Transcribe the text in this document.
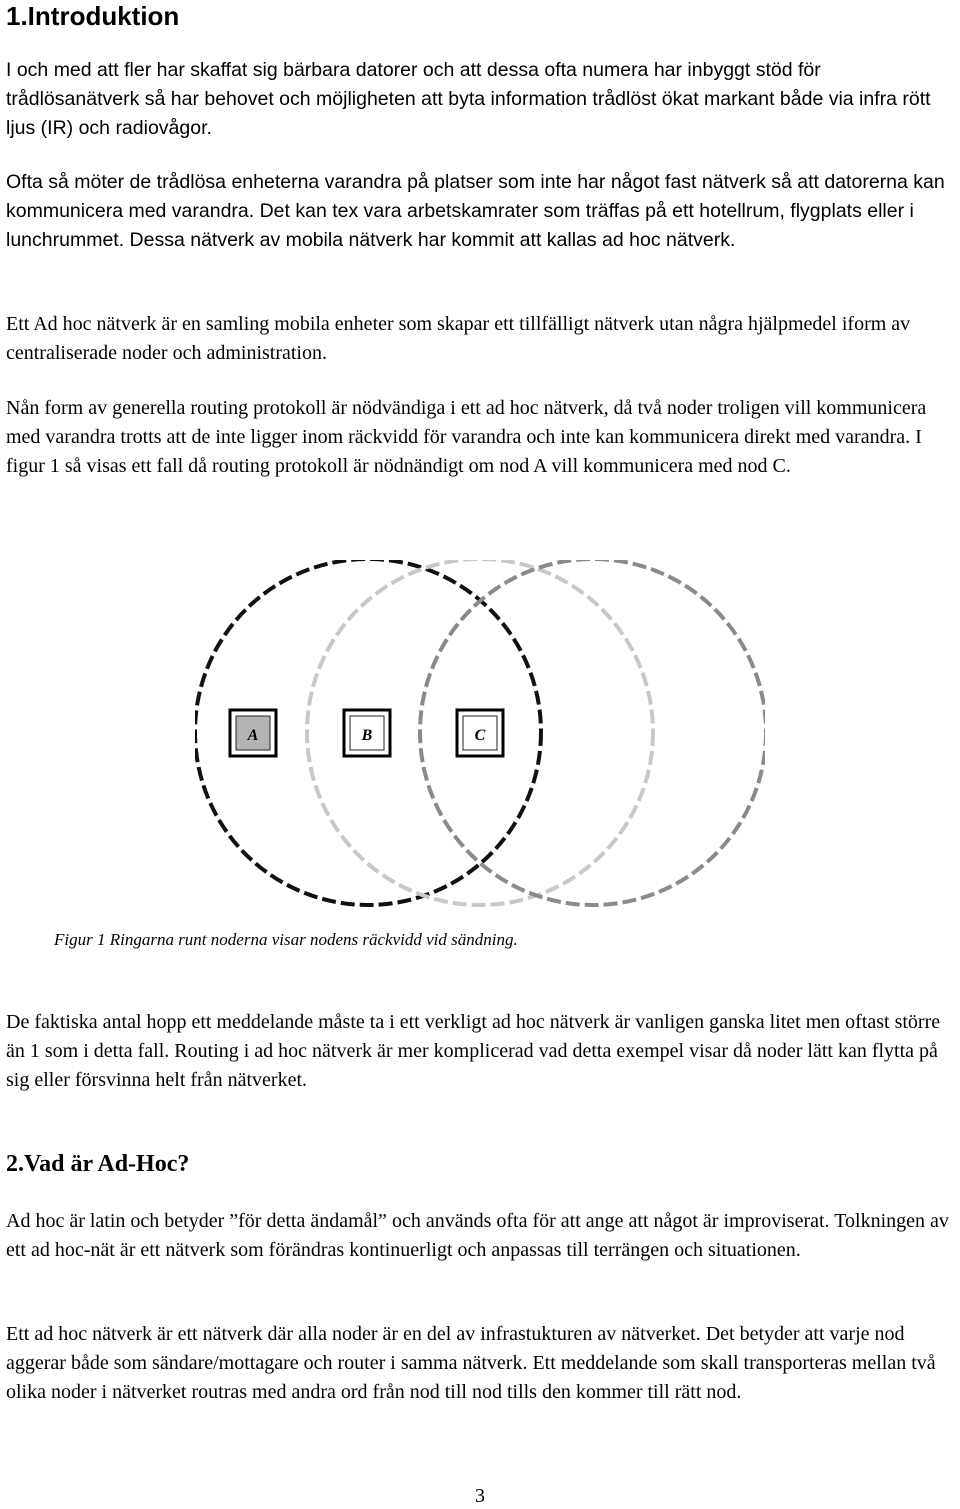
1.Introduktion

I och med att fler har skaffat sig bärbara datorer och att dessa ofta numera har inbyggt stöd för trådlösanätverk så har behovet och möjligheten att byta information trådlöst ökat markant både via infra rött ljus (IR) och radiovågor.

Ofta så möter de trådlösa enheterna varandra på platser som inte har något fast nätverk så att datorerna kan kommunicera med varandra. Det kan tex vara arbetskamrater som träffas på ett hotellrum, flygplats eller i lunchrummet. Dessa nätverk av mobila nätverk har kommit att kallas ad hoc nätverk.

Ett Ad hoc nätverk är en samling mobila enheter som skapar ett tillfälligt nätverk utan några hjälpmedel iform av centraliserade noder och administration.

Nån form av generella routing protokoll är nödvändiga i ett ad hoc nätverk, då två noder troligen vill kommunicera med varandra trotts att de inte ligger inom räckvidd för varandra och inte kan kommunicera direkt med varandra. I figur 1 så visas ett fall då routing protokoll är nödnändigt om nod A vill kommunicera med nod C.

A	B	C

Figur 1 Ringarna runt noderna visar nodens räckvidd vid sändning.

De faktiska antal hopp ett meddelande måste ta i ett verkligt ad hoc nätverk är vanligen ganska litet men oftast större än 1 som i detta fall. Routing i ad hoc nätverk är mer komplicerad vad detta exempel visar då noder lätt kan flytta på sig eller försvinna helt från nätverket.

2.Vad är Ad-Hoc?

Ad hoc är latin och betyder ”för detta ändamål” och används ofta för att ange att något är improviserat. Tolkningen av ett ad hoc-nät är ett nätverk som förändras kontinuerligt och anpassas till terrängen och situationen.

Ett ad hoc nätverk är ett nätverk där alla noder är en del av infrastukturen av nätverket. Det betyder att varje nod aggerar både som sändare/mottagare och router i samma nätverk. Ett meddelande som skall transporteras mellan två olika noder i nätverket routras med andra ord från nod till nod tills den kommer till rätt nod.

3
